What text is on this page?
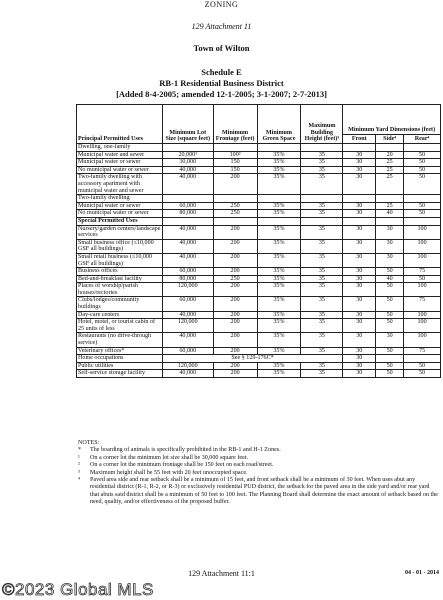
ZONING
129 Attachment 11
Town of Wilton
Schedule E
RB-1 Residential Business District
[Added 8-4-2005; amended 12-1-2005; 3-1-2007; 2-7-2013]
Principal Permitted Uses	Minimum Lot Size (square feet)	Minimum Frontage (feet)	Minimum Green Space	Maximum Building Height (feet)³	Minimum Yard Dimensions (feet)		
					Front	Side⁴	Rear⁴
Dwelling, one-family							
Municipal water and sewer	20,000¹	100²	35%	35	30	20	50
Municipal water or sewer	30,000	150	35%	35	30	25	50
No municipal water or sewer	40,000	150	35%	35	30	25	50
Two-family dwelling with accessory apartment with municipal water and sewer	40,000	200	35%	35	30	25	50
Two-family dwelling							
Municipal water or sewer	60,000	250	35%	35	30	25	50
No municipal water or sewer	80,000	250	35%	35	30	40	50
Special Permitted Uses							
Nursery/garden centers/landscape services	40,000	200	35%	35	30	30	100
Small business office (≤10,000 GSF all buildings)	40,000	200	35%	35	30	30	100
Small retail business (≤10,000 GSF all buildings)	40,000	200	35%	35	30	30	100
Business offices	60,000	200	35%	35	30	50	75
Bed-and-breakfast facility	80,000	250	35%	35	30	40	50
Places of worship/parish houses/rectories	120,000	200	35%	35	30	50	100
Clubs/lodges/community buildings	60,000	200	35%	35	30	50	75
Day-care centers	40,000	200	35%	35	30	50	100
Hotel, motel, or tourist cabin of 25 units of less	120,000	200	35%	35	30	50	100
Restaurants (no drive-through service)	40,000	200	35%	35	30	30	100
Veterinary offices*	60,000	200	35%	35	30	50	75
Home occupations	See § 129-176C*				30		
Public utilities	120,000	200	35%	35	30	50	50
Self-service storage facility	40,000	200	35%	35	30	50	50
NOTES:
*	The boarding of animals is specifically prohibited in the RB-1 and H-1 Zones.
¹	On a corner lot the minimum lot size shall be 30,000 square feet.
²	On a corner lot the minimum frontage shall be 150 feet on each road/street.
³	Maximum height shall be 55 feet with 20 feet unoccupied space.
⁴	Paved area side and rear setback shall be a minimum of 15 feet, and front setback shall be a minimum of 30 feet. When uses abut any residential district (R-1, R-2, or R-3) or exclusively residential PUD district, the setback for the paved area in the side yard and/or rear yard that abuts said district shall be a minimum of 50 feet to 100 feet. The Planning Board shall determine the exact amount of setback based on the need, quality, and/or effectiveness of the proposed buffer.
129 Attachment 11:1	04 - 01 - 2014
©2023 Global MLS
